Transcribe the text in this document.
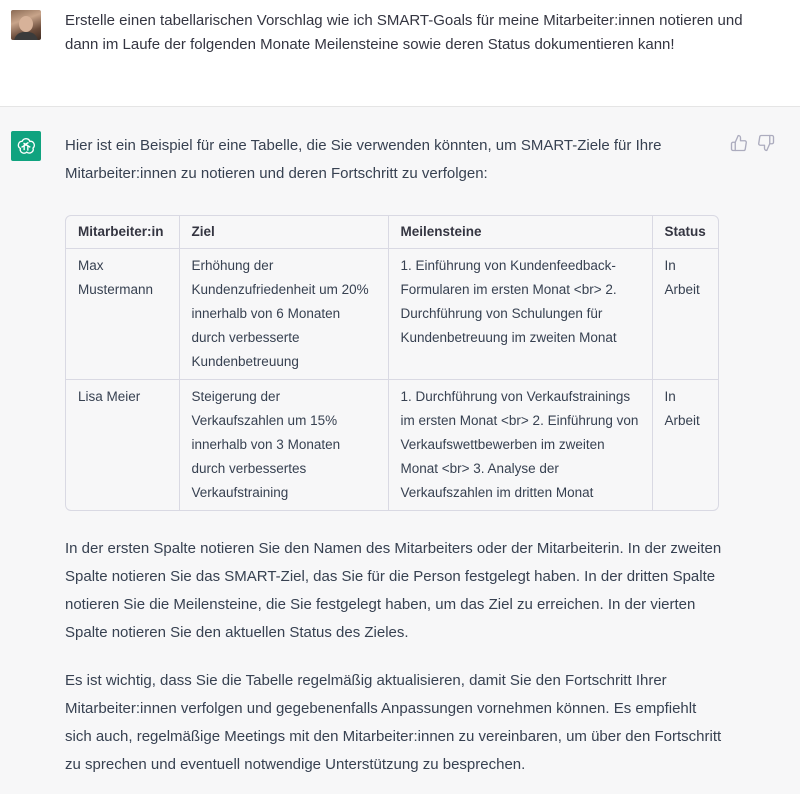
Erstelle einen tabellarischen Vorschlag wie ich SMART-Goals für meine Mitarbeiter:innen notieren und dann im Laufe der folgenden Monate Meilensteine sowie deren Status dokumentieren kann!

Hier ist ein Beispiel für eine Tabelle, die Sie verwenden könnten, um SMART-Ziele für Ihre Mitarbeiter:innen zu notieren und deren Fortschritt zu verfolgen:

Mitarbeiter:in	Ziel	Meilensteine	Status
Max Mustermann	Erhöhung der Kundenzufriedenheit um 20% innerhalb von 6 Monaten durch verbesserte Kundenbetreuung	1. Einführung von Kundenfeedback-Formularen im ersten Monat <br> 2. Durchführung von Schulungen für Kundenbetreuung im zweiten Monat	In Arbeit
Lisa Meier	Steigerung der Verkaufszahlen um 15% innerhalb von 3 Monaten durch verbessertes Verkaufstraining	1. Durchführung von Verkaufstrainings im ersten Monat <br> 2. Einführung von Verkaufswettbewerben im zweiten Monat <br> 3. Analyse der Verkaufszahlen im dritten Monat	In Arbeit

In der ersten Spalte notieren Sie den Namen des Mitarbeiters oder der Mitarbeiterin. In der zweiten Spalte notieren Sie das SMART-Ziel, das Sie für die Person festgelegt haben. In der dritten Spalte notieren Sie die Meilensteine, die Sie festgelegt haben, um das Ziel zu erreichen. In der vierten Spalte notieren Sie den aktuellen Status des Zieles.

Es ist wichtig, dass Sie die Tabelle regelmäßig aktualisieren, damit Sie den Fortschritt Ihrer Mitarbeiter:innen verfolgen und gegebenenfalls Anpassungen vornehmen können. Es empfiehlt sich auch, regelmäßige Meetings mit den Mitarbeiter:innen zu vereinbaren, um über den Fortschritt zu sprechen und eventuell notwendige Unterstützung zu besprechen.
